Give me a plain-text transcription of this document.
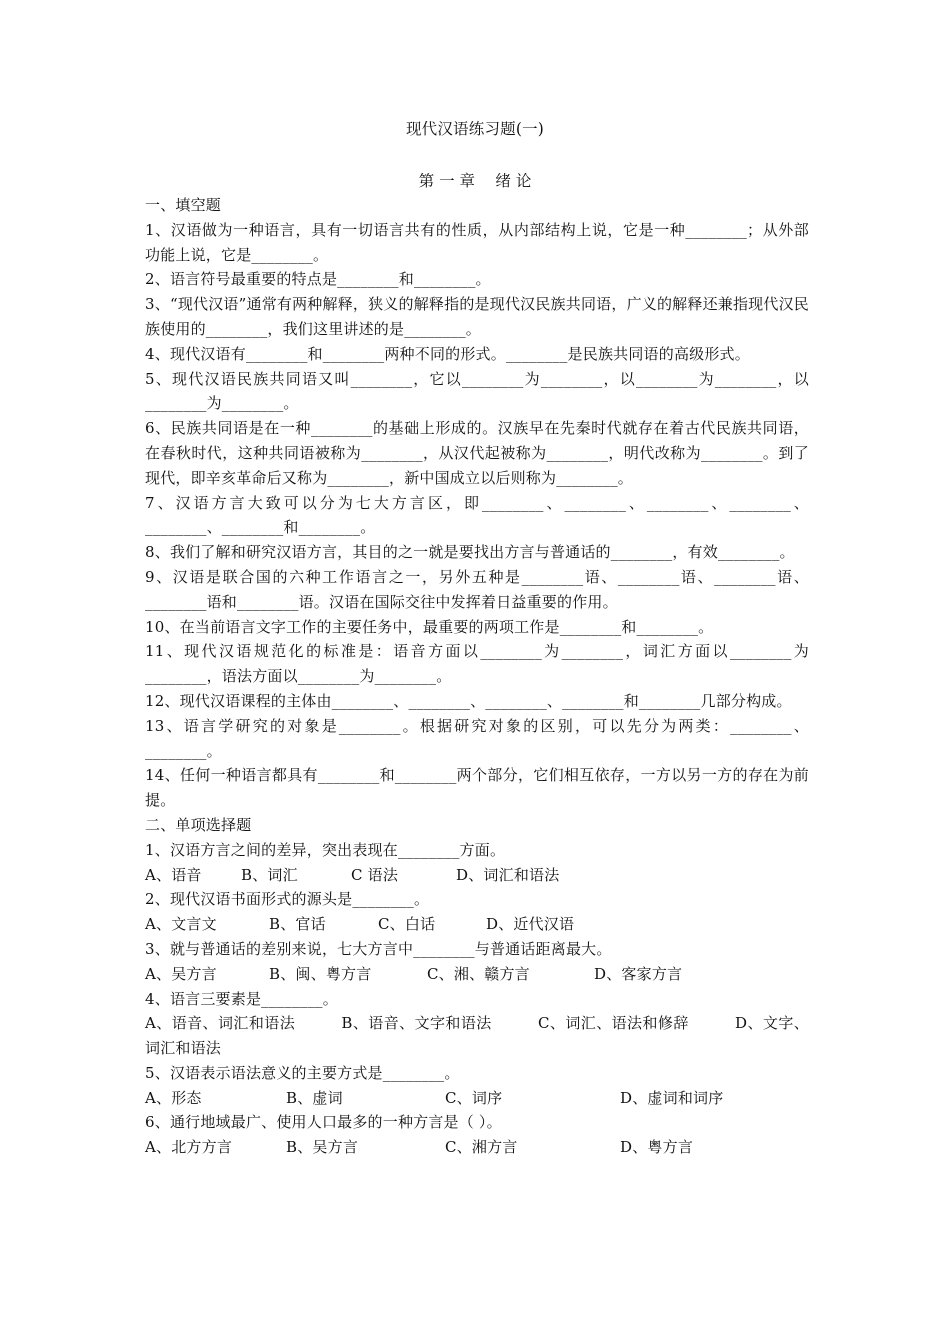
现代汉语练习题(一)
第 一 章　 绪 论

一、填空题

1、汉语做为一种语言，具有一切语言共有的性质，从内部结构上说，它是一种________；从外部功能上说，它是________。

2、语言符号最重要的特点是________和________。

3、“现代汉语”通常有两种解释，狭义的解释指的是现代汉民族共同语，广义的解释还兼指现代汉民族使用的________，我们这里讲述的是________。

4、现代汉语有________和________两种不同的形式。________是民族共同语的高级形式。

5、现代汉语民族共同语又叫________，它以________为________，以________为________，以________为________。

6、民族共同语是在一种________的基础上形成的。汉族早在先秦时代就存在着古代民族共同语，在春秋时代，这种共同语被称为________，从汉代起被称为________，明代改称为________。到了现代，即辛亥革命后又称为________，新中国成立以后则称为________。

7、汉语方言大致可以分为七大方言区，即________、________、________、________、________、________和________。

8、我们了解和研究汉语方言，其目的之一就是要找出方言与普通话的________，有效________。

9、汉语是联合国的六种工作语言之一，另外五种是________语、________语、________语、________语和________语。汉语在国际交往中发挥着日益重要的作用。

10、在当前语言文字工作的主要任务中，最重要的两项工作是________和________。

11、现代汉语规范化的标准是：语音方面以________为________，词汇方面以________为________，语法方面以________为________。

12、现代汉语课程的主体由________、________、________、________和________几部分构成。

13、语言学研究的对象是________。根据研究对象的区别，可以先分为两类：________、________。

14、任何一种语言都具有________和________两个部分，它们相互依存，一方以另一方的存在为前提。

二、单项选择题

1、汉语方言之间的差异，突出表现在________方面。

A、语音	B、词汇	C 语法	D、词汇和语法

2、现代汉语书面形式的源头是________。

A、文言文	B、官话	C、白话	D、近代汉语

3、就与普通话的差别来说，七大方言中________与普通话距离最大。

A、吴方言	B、闽、粤方言	C、湘、赣方言	D、客家方言

4、语言三要素是________。

A、语音、词汇和语法　　　B、语音、文字和语法　　　C、词汇、语法和修辞　　　D、文字、词汇和语法

5、汉语表示语法意义的主要方式是________。

A、形态	B、虚词	C、词序	D、虚词和词序

6、通行地域最广、使用人口最多的一种方言是（ ）。

A、北方方言	B、吴方言	C、湘方言	D、粤方言
